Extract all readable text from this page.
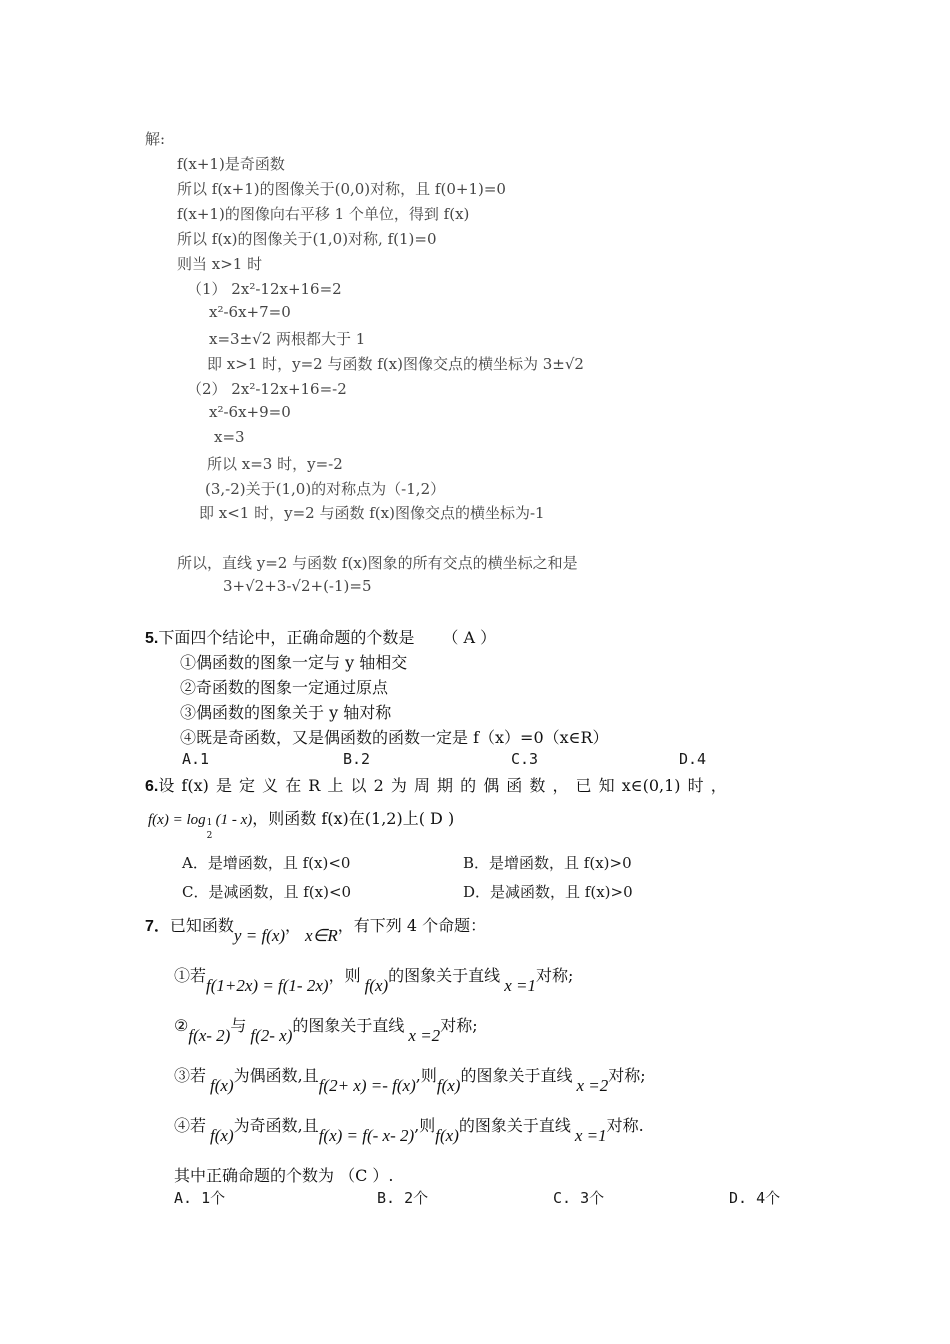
解:
f(x+1)是奇函数
所以 f(x+1)的图像关于(0,0)对称，且 f(0+1)=0
f(x+1)的图像向右平移 1 个单位，得到 f(x)
所以 f(x)的图像关于(1,0)对称, f(1)=0
则当 x>1 时
（1） 2x²-12x+16=2
x²-6x+7=0
x=3±√2 两根都大于 1
即 x>1 时，y=2 与函数 f(x)图像交点的横坐标为 3±√2
（2） 2x²-12x+16=-2
x²-6x+9=0
x=3
所以 x=3 时，y=-2
(3,-2)关于(1,0)的对称点为（-1,2）
即 x<1 时，y=2 与函数 f(x)图像交点的横坐标为-1
所以，直线 y=2 与函数 f(x)图象的所有交点的横坐标之和是
3+√2+3-√2+(-1)=5
5.下面四个结论中，正确命题的个数是 （ A ）
①偶函数的图象一定与 y 轴相交
②奇函数的图象一定通过原点
③偶函数的图象关于 y 轴对称
④既是奇函数，又是偶函数的函数一定是 f（x）=0（x∈R）
A.1	B.2	C.3	D.4
6.设 f(x) 是 定 义 在 R 上 以 2 为 周 期 的 偶 函 数 ， 已 知 x∈(0,1) 时 ，
f(x) = log 1
2
(1 - x)，则函数 f(x)在(1,2)上( D )
A．是增函数，且 f(x)<0	B．是增函数，且 f(x)>0
C．是减函数，且 f(x)<0	D．是减函数，且 f(x)>0
7．已知函数y = f(x)，x∈R，有下列 4 个命题：
①若f(1+2x) = f(1- 2x)，则f(x)的图象关于直线x =1对称;
②f(x- 2)与f(2- x)的图象关于直线x =2对称;
③若f(x)为偶函数,且f(2+ x) =- f(x),则f(x)的图象关于直线x =2对称;
④若f(x)为奇函数,且f(x) = f(- x- 2),则f(x)的图象关于直线x =1对称.
其中正确命题的个数为 （C ）.
A. 1个	B. 2个	C. 3个	D. 4个
